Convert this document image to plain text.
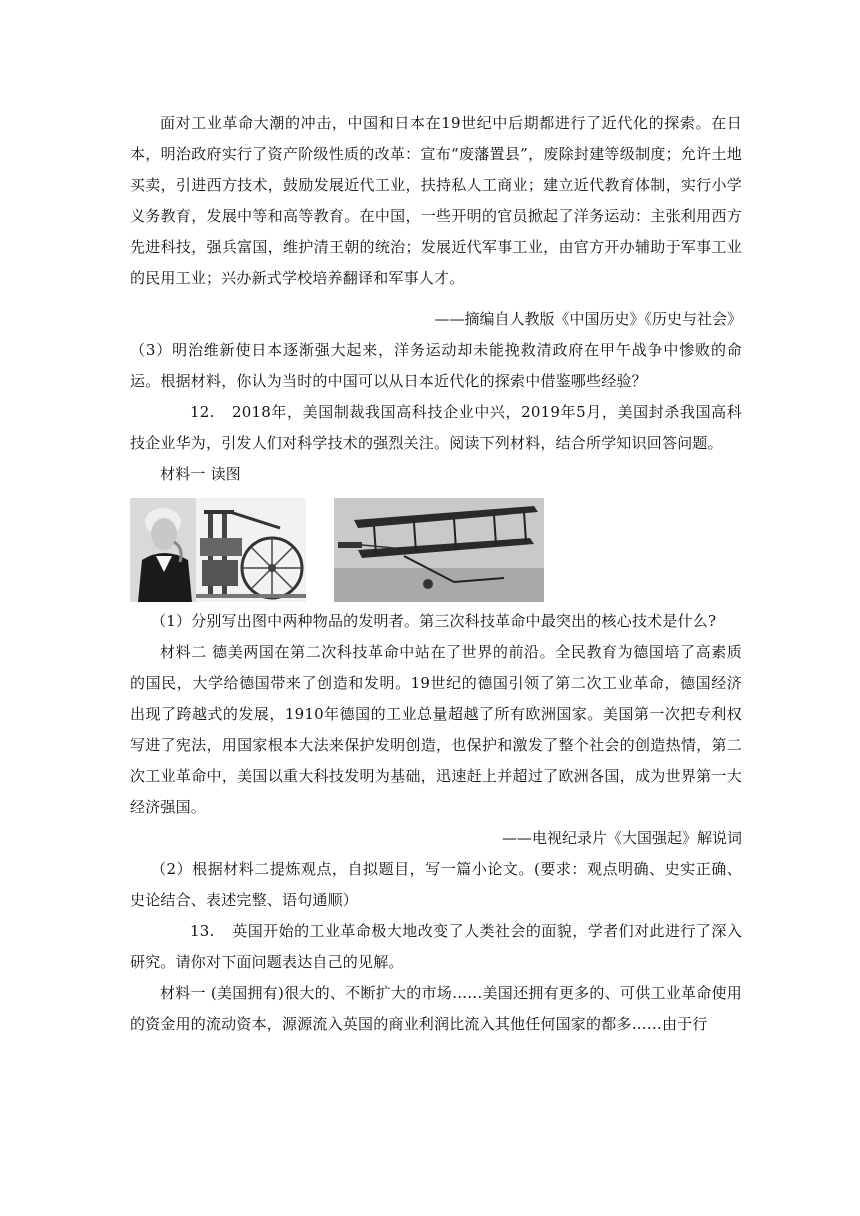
面对工业革命大潮的冲击，中国和日本在19世纪中后期都进行了近代化的探索。在日本，明治政府实行了资产阶级性质的改革：宣布“废藩置县”，废除封建等级制度；允许土地买卖，引进西方技术，鼓励发展近代工业，扶持私人工商业；建立近代教育体制，实行小学义务教育，发展中等和高等教育。在中国，一些开明的官员掀起了洋务运动：主张利用西方先进科技，强兵富国，维护清王朝的统治；发展近代军事工业，由官方开办辅助于军事工业的民用工业；兴办新式学校培养翻译和军事人才。

——摘编自人教版《中国历史》《历史与社会》

（3）明治维新使日本逐渐强大起来，洋务运动却未能挽救清政府在甲午战争中惨败的命运。根据材料，你认为当时的中国可以从日本近代化的探索中借鉴哪些经验？

12. 2018年，美国制裁我国高科技企业中兴，2019年5月，美国封杀我国高科技企业华为，引发人们对科学技术的强烈关注。阅读下列材料，结合所学知识回答问题。

材料一 读图

（1）分别写出图中两种物品的发明者。第三次科技革命中最突出的核心技术是什么?

材料二 德美两国在第二次科技革命中站在了世界的前沿。全民教育为德国培了高素质的国民，大学给德国带来了创造和发明。19世纪的德国引领了第二次工业革命，德国经济出现了跨越式的发展，1910年德国的工业总量超越了所有欧洲国家。美国第一次把专利权写进了宪法，用国家根本大法来保护发明创造，也保护和激发了整个社会的创造热情，第二次工业革命中，美国以重大科技发明为基础，迅速赶上并超过了欧洲各国，成为世界第一大经济强国。

——电视纪录片《大国强起》解说词

（2）根据材料二提炼观点，自拟题目，写一篇小论文。(要求：观点明确、史实正确、史论结合、表述完整、语句通顺）

13. 英国开始的工业革命极大地改变了人类社会的面貌，学者们对此进行了深入研究。请你对下面问题表达自己的见解。

材料一 (美国拥有)很大的、不断扩大的市场……美国还拥有更多的、可供工业革命使用的资金用的流动资本，源源流入英国的商业利润比流入其他任何国家的都多……由于行
